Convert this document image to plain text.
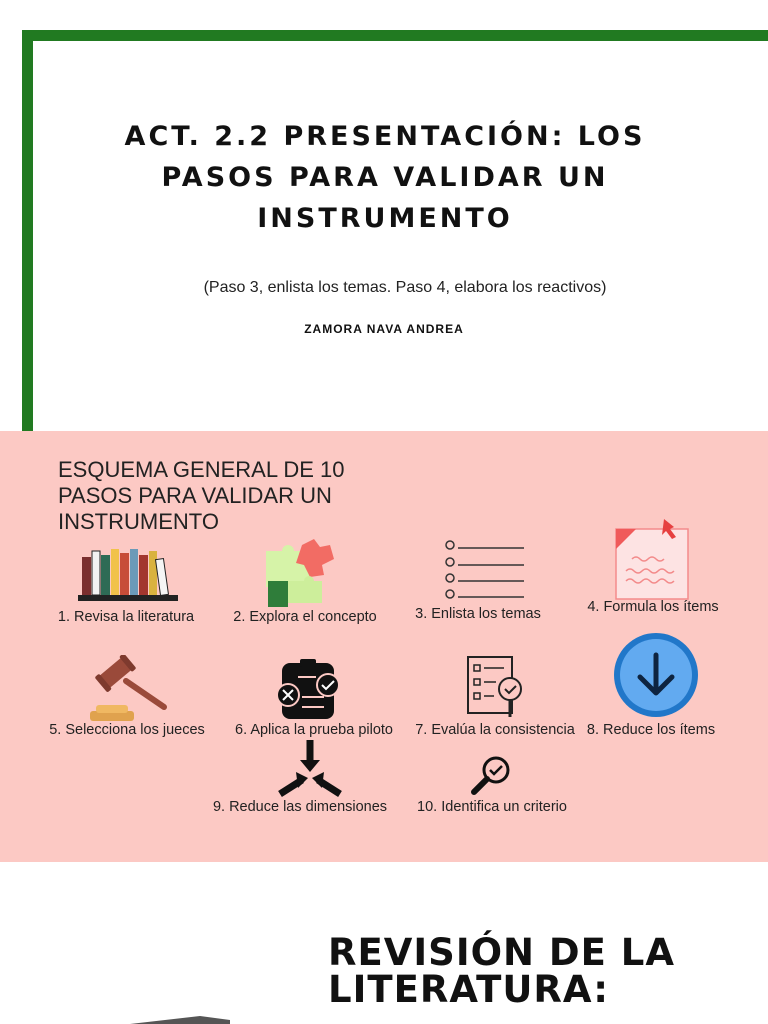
ACT. 2.2 PRESENTACIÓN: LOS PASOS PARA VALIDAR UN INSTRUMENTO
(Paso 3, enlista los temas. Paso 4, elabora los reactivos)
ZAMORA NAVA ANDREA
ESQUEMA GENERAL DE 10 PASOS PARA VALIDAR UN INSTRUMENTO
1. Revisa la literatura	2. Explora el concepto	3. Enlista los temas	4. Formula los ítems
5. Selecciona los jueces 6. Aplica la prueba piloto 7. Evalúa la consistencia 8. Reduce los ítems
9. Reduce las dimensiones 10. Identifica un criterio
REVISIÓN DE LA LITERATURA:
